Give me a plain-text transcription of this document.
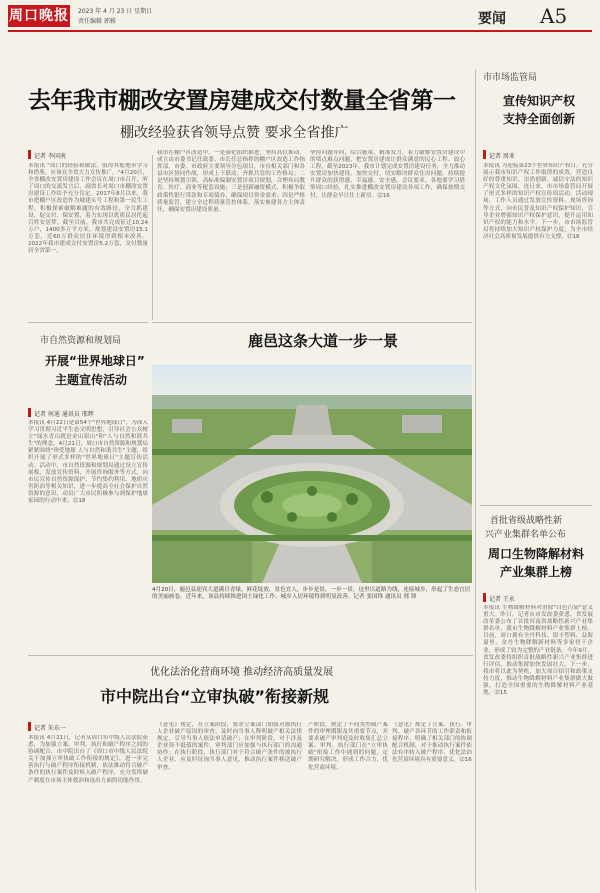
周口晚报 2023 年 4 月 23 日 星期日
责任编辑 郭雅	要闻 A5
去年我市棚改安置房建成交付数量全省第一
棚改经验获省领导点赞 要求全省推广
记者 李国南
本报讯 "周口的经验和做法，值得其他地市学习和借鉴，应该在全省大力宣传推广。"4月20日，全省棚改安置房建设工作会议在周口市召开，听了周口的交流发言后，副省长对周口市棚改安置房建设工作给予充分肯定。2017年8月以来，我市把棚户区改造作为城建头号工程和第一民生工程，积极探索破解难题的有效路径，全力抓建设、促交付、保安置，着力实现以优质民居托起百姓安居梦。截至目前，我市共完成征迁10.24万户，1400多万平方米，规划建设安置房15.1万套，近60万群众居住环境得到根本改善。2022年我市建成交付安置房5.2万套，交付数量居全省第一。
我市在棚户区改造中，一是强化组织推进，坚持高位推动，成立由市委书记任政委、市长任总指挥的棚户区改造工作指挥部，市委、市政府主要领导分包项目，市直相关部门和各县市区协同作战，形成上下联动、齐抓共管的工作格局；二是坚持规划引领，高标准编制安置房项目规划，合理布局教育、医疗、商业等配套设施；三是创新融资模式，积极争取政策性银行贷款和专项债券，确保项目资金需求；四是严格质量监管，建立全过程质量管控体系，落实参建各方主体责任，确保安置房建设质量。
坚持问题导向，综合施策，精准发力，着力破解安置房建设中的堵点难点问题，把安置房建成让群众满意的民心工程、放心工程。截至2023年，我市计划完成安置房建设任务，全力推动安置房加快建设、加快交付，切实解决群众住房问题，持续提升群众的获得感、幸福感、安全感。会议要求，各地要学习借鉴周口经验，扎实推进棚改安置房建设各项工作，确保按期交付，让群众早日住上新房。⑫16
市市场监管局
宣传知识产权
支持全面创新
记者 周亚
本报讯 为迎接第23个世界知识产权日，充分展示我市知识产权工作取得的成效，营造良好的尊重知识、崇尚创新、诚信守法的知识产权文化氛围，连日来，市市场监管局开展了形式多样的知识产权宣传周活动。活动现场，工作人员通过发放宣传资料、现场咨询等方式，向市民普及知识产权保护知识，引导企业增强知识产权保护意识，提升运用知识产权的能力和水平。下一步，市市场监管局将持续加大知识产权保护力度，为全市经济社会高质量发展提供有力支撑。⑫16
市自然资源和规划局
开展“世界地球日”
主题宣传活动
记者 何迪 通讯员 邢辉
本报讯 4月22日是第54个"世界地球日"。为深入学习贯彻习近平生态文明思想，引导社会公众树立"绿水青山就是金山银山"和"人与自然和谐共生"的理念，4月21日，周口市自然资源和规划局紧紧围绕"珍爱地球 人与自然和谐共生"主题，组织开展了形式多样的"世界地球日"主题宣传活动。活动中，市自然资源和规划局通过设立宣传展板、发放宣传资料、开展咨询服务等方式，向市民宣传自然资源保护、节约集约利用、地质灾害防治等相关知识，进一步提高全社会保护自然资源的意识，动员广大市民积极参与到保护地球家园的行动中来。⑫18
鹿邑这条大道一步一景
4月20日，鹿邑县迎宾大道满目青绿，鲜花绽放，景色宜人，步步是景，一步一景。这里以道路为线，连接城乡，串起了生态宜居的美丽画卷，近年来，该县持续推进国土绿化工作，城乡人居环境得到明显改善。记者 张国锋 通讯员 邢 锋
首批省级战略性新
兴产业集群名单公布
周口生物降解材料
产业集群上榜
记者 王永
本报讯 生物降解材料对消除"白色污染"意义重大。昨日，记者从市发改委获悉，省发展改革委公布了首批河南省战略性新兴产业集群名单，我市生物降解材料产业集群上榜。目前，周口拥有全丹科技、银丰塑料、益海嘉里、金丹生物降解新材料等多家骨干企业，形成了较为完整的产业链条。今年9月，省发改委将组织首批战略性新兴产业集群进行评估，推动集群加快发展壮大。下一步，我市将以此为契机，加大项目招引和政策支持力度，推动生物降解材料产业集群做大做强，打造全国重要的生物降解材料产业基地。⑫15
优化法治化营商环境 推动经济高质量发展
市中院出台“立审执破”衔接新规
记者 朱东一
本报讯 4月21日，记者从周口市中级人民法院获悉，为加强立案、审判、执行和破产程序之间的协调配合，市中院出台了《周口市中级人民法院关于加强立审执破工作衔接的规定》，进一步完善执行与破产程序衔接机制，依法推动符合破产条件的执行案件及时转入破产程序，充分发挥破产制度在市场主体救治和退出方面的功能作用。
《意见》规定，在立案阶段，要求立案部门加强对被执行人企业破产原因的审查，及时向当事人释明破产相关法律规定，引导当事人依法申请破产；在审判阶段，对于涉及企业资不抵债的案件，审判部门应加强与执行部门的沟通协作；在执行阶段，执行部门对于符合破产条件的被执行人企业，应及时征询当事人意见，推动执行案件移送破产审查。
产阶段，规定了不同类型破产案件的审理期限及其重要节点，并要求破产审判庭及时收集汇总立案、审判、执行部门在"立审执破"衔接工作中遇到的问题，定期研究解决，形成工作合力，优化营商环境。
《意见》规定了立案、执行、审判、破产各环节的工作职责和衔接程序，明确了相关部门的协调配合机制，对于推动执行案件依法有序转入破产程序、优化法治化营商环境具有重要意义。⑫16
